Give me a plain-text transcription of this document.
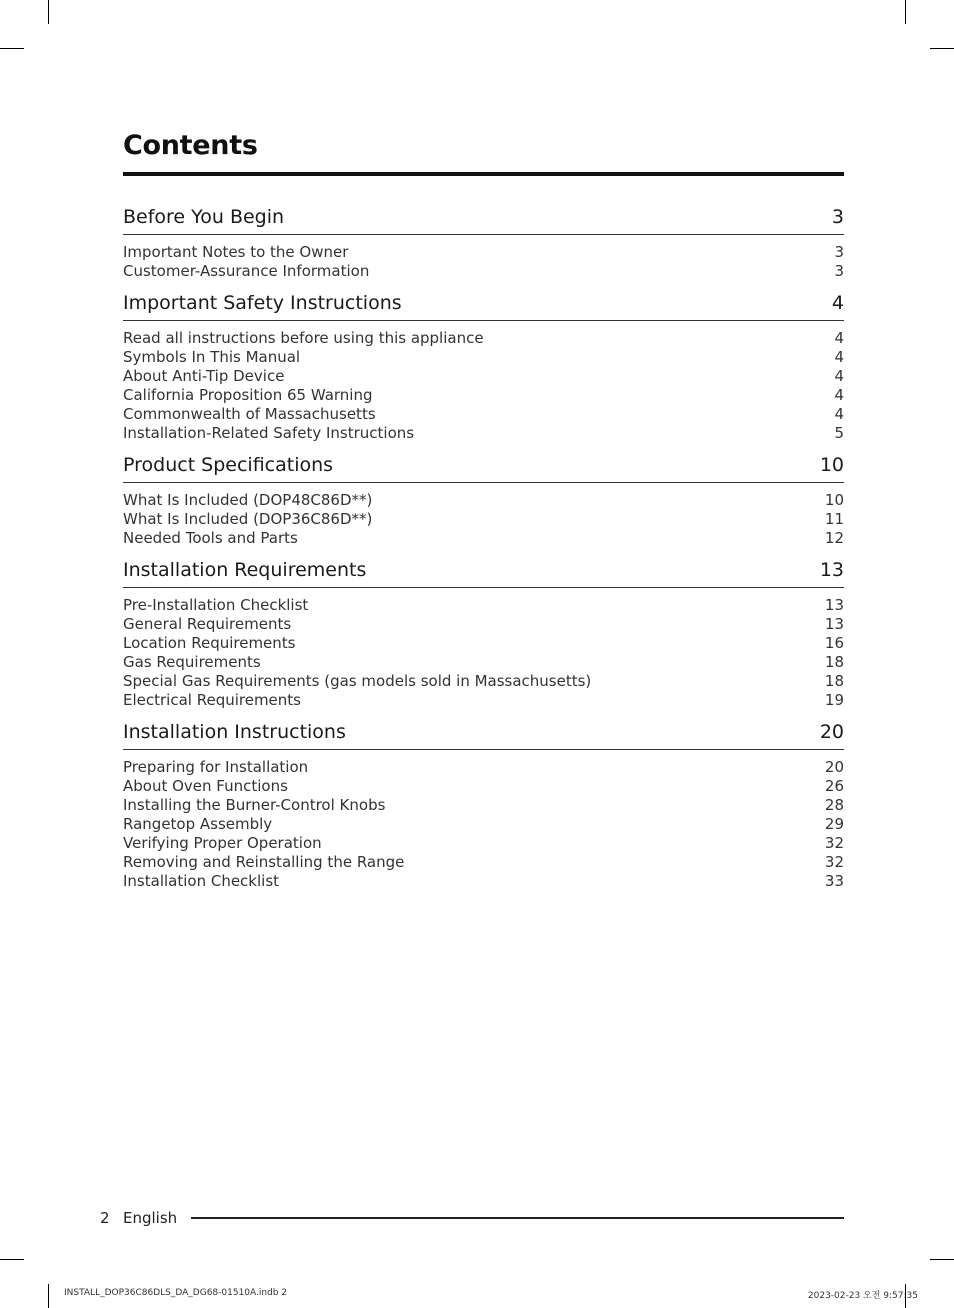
Contents
Before You Begin	3
Important Notes to the Owner	3
Customer-Assurance Information	3
Important Safety Instructions	4
Read all instructions before using this appliance	4
Symbols In This Manual	4
About Anti-Tip Device	4
California Proposition 65 Warning	4
Commonwealth of Massachusetts	4
Installation-Related Safety Instructions	5
Product Specifications	10
What Is Included (DOP48C86D**)	10
What Is Included (DOP36C86D**)	11
Needed Tools and Parts	12
Installation Requirements	13
Pre-Installation Checklist	13
General Requirements	13
Location Requirements	16
Gas Requirements	18
Special Gas Requirements (gas models sold in Massachusetts)	18
Electrical Requirements	19
Installation Instructions	20
Preparing for Installation	20
About Oven Functions	26
Installing the Burner-Control Knobs	28
Rangetop Assembly	29
Verifying Proper Operation	32
Removing and Reinstalling the Range	32
Installation Checklist	33
2 English
INSTALL_DOP36C86DLS_DA_DG68-01510A.indb 2	2023-02-23 오전 9:57:35
